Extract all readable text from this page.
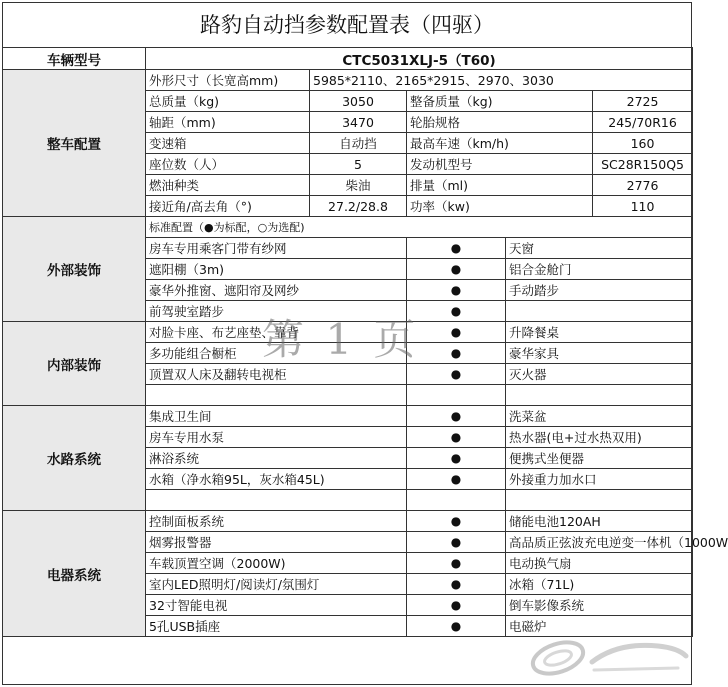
路豹自动挡参数配置表（四驱）
车辆型号	CTC5031XLJ-5（T60)					
整车配置	外形尺寸（长宽高mm)	5985*2110、2165*2915、2970、3030				
	总质量（kg)	3050	整备质量（kg)		2725	
	轴距（mm)	3470	轮胎规格		245/70R16	
	变速箱	自动挡	最高车速（km/h)		160	
	座位数（人）	5	发动机型号		SC28R150Q5	
	燃油种类	柴油	排量（ml)		2776	
	接近角/高去角（°)	27.2/28.8	功率（kw)		110	
外部装饰	标准配置（●为标配，○为选配)					
	房车专用乘客门带有纱网		●	天窗	
	遮阳棚（3m)		●	铝合金舱门	
	豪华外推窗、遮阳帘及网纱		●	手动踏步	
	前驾驶室踏步		●			
内部装饰	对脸卡座、布艺座垫、靠背		●	升降餐桌	
	多功能组合橱柜		●	豪华家具	
	顶置双人床及翻转电视柜		●	灭火器	

水路系统	集成卫生间		●	洗菜盆	
	房车专用水泵		●	热水器(电+过水热双用)	
	淋浴系统		●	便携式坐便器	
	水箱（净水箱95L，灰水箱45L)		●	外接重力加水口	

电器系统	控制面板系统		●	储能电池120AH	
	烟雾报警器		●	高品质正弦波充电逆变一体机（1000W	
	车载顶置空调（2000W)		●	电动换气扇	
	室内LED照明灯/阅读灯/氛围灯		●	冰箱（71L)	
	32寸智能电视		●	倒车影像系统	
	5孔USB插座		●	电磁炉	
第 1 页
